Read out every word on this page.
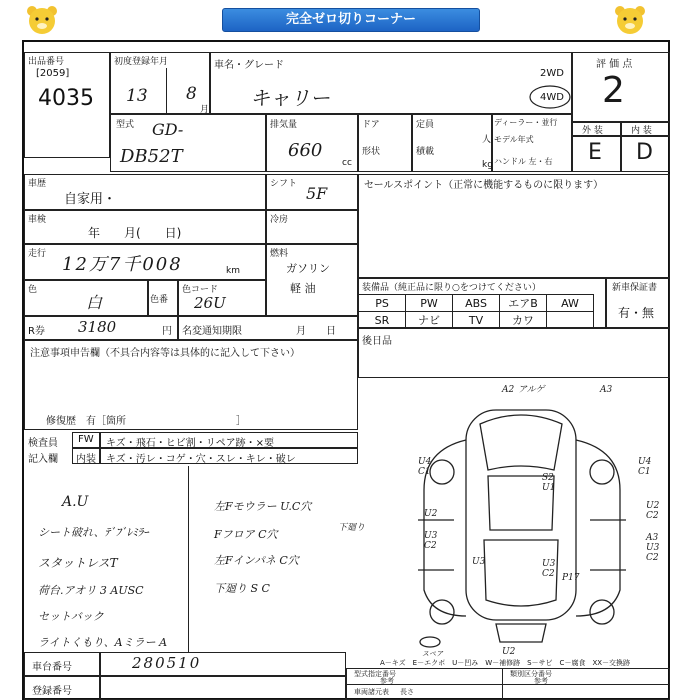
完全ゼロ切りコーナー
出品番号
[2059]
4035
初度登録年月
13 8
月
車名・グレード
キャリー
2WD
4WD
評 価 点
2
型式 GD-
DB52T
排気量
660
cc
ドア
形状
定員
積載
人
kg
ディーラー・並行
モデル年式
ハンドル 左・右
外 装	内 装
E D
車歴
自家用・
シフト 5F	セールスポイント（正常に機能するものに限ります）
車検
年　　月(　　日)
冷房
走行 12万7千008	km
燃料
ガソリン
軽 油
色
白	色番
色コード
26U
装備品（純正品に限り○をつけてください）
PS	PW	ABS	エアB	AW
SR	ナビ	TV	カワ	
新車保証書
有・無
R券 3180	円 名変通知期限	月　　日
後日品
注意事項申告欄（不具合内容等は具体的に記入して下さい）
修復歴　有［箇所　　　　　　　　　　　］
検査員
記入欄
FW キズ・飛石・ヒビ割・リペア跡・×要
内装 キズ・汚レ・コゲ・穴・スレ・キレ・破レ
A.U
シート破れ、ﾃﾞﾌﾞﾚﾐﾗｰ
スタットレスT
荷台.アオリ 3 AUSC
セットバック
ライトくもり、Aミラー A
左Fモウラー U.C穴
Fフロア C穴	下廻り
左Fインパネ C穴
下廻り S C
車台番号	280510
登録番号
A－キズ　E－エクボ　U－凹み　W－補修跡　S－サビ　C－腐食　XX－交換跡
型式指定番号
参考
類別区分番号
参考
車両諸元表 長さ
A2 アルゲ	A3
U4
C1
U4
C1
S2
U1
U2
U2
C2
U3
C2
A3
U3
C2
U3	U3
C2 P17
スペア	U2
